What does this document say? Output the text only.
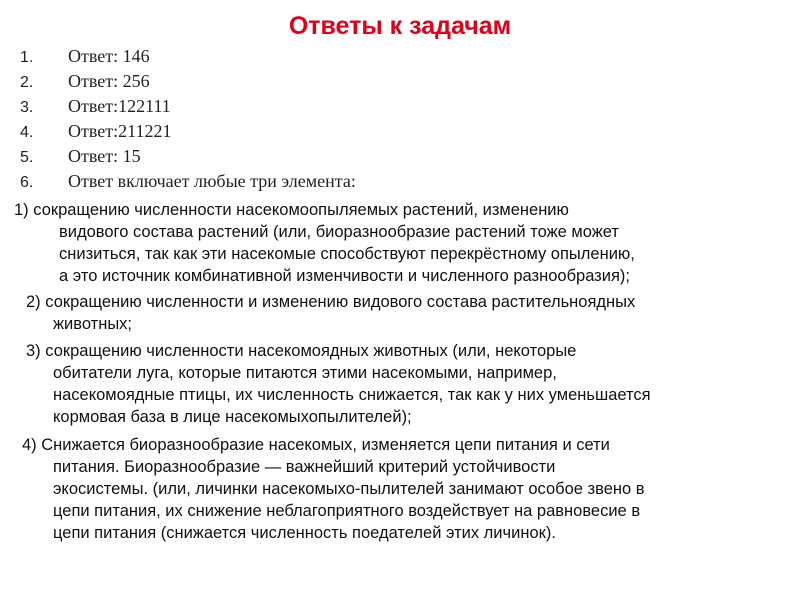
Ответы к задачам
1. Ответ: 146
2. Ответ: 256
3. Ответ:122111
4. Ответ:211221
5. Ответ: 15
6. Ответ включает любые три элемента:

1) сокращению численности насекомоопыляемых растений, изменению
видового состава растений (или, биоразнообразие растений тоже может
снизиться, так как эти насекомые способствуют перекрёстному опылению,
а это источник комбинативной изменчивости и численного разнообразия);

2) сокращению численности и изменению видового состава растительноядных
животных;

3) сокращению численности насекомоядных животных (или, некоторые
обитатели луга, которые питаются этими насекомыми, например,
насекомоядные птицы, их численность снижается, так как у них уменьшается
кормовая база в лице насекомыхопылителей);

4) Снижается биоразнообразие насекомых, изменяется цепи питания и сети
питания. Биоразнообразие — важнейший критерий устойчивости
экосистемы. (или, личинки насекомыхо-пылителей занимают особое звено в
цепи питания, их снижение неблагоприятного воздействует на равновесие в
цепи питания (снижается численность поедателей этих личинок).
